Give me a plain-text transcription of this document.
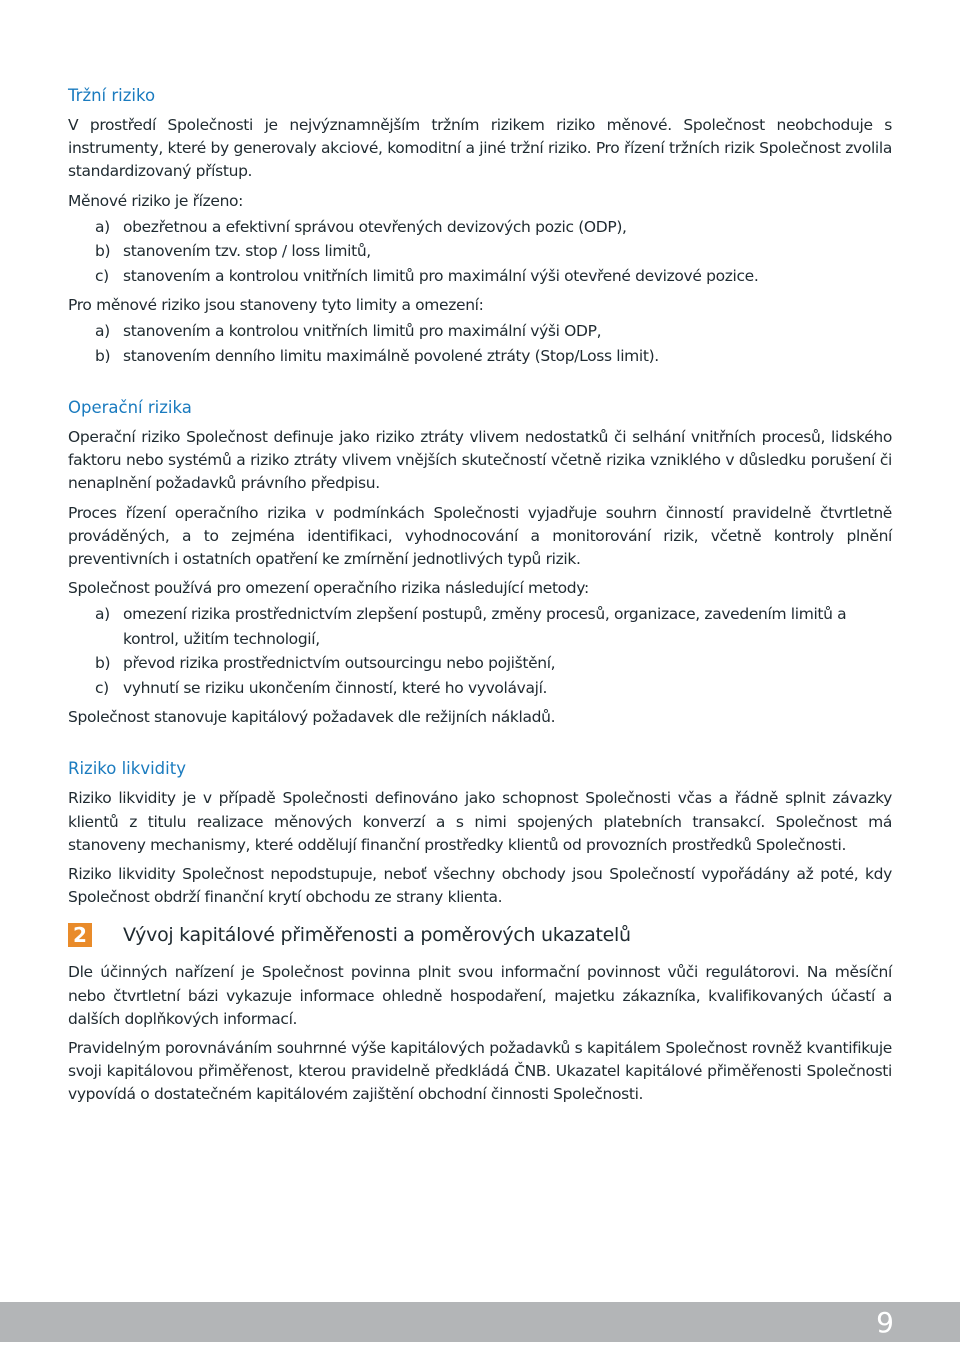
Tržní riziko

V prostředí Společnosti je nejvýznamnějším tržním rizikem riziko měnové. Společnost neobchoduje s instrumenty, které by generovaly akciové, komoditní a jiné tržní riziko. Pro řízení tržních rizik Společnost zvolila standardizovaný přístup.

Měnové riziko je řízeno:

a) obezřetnou a efektivní správou otevřených devizových pozic (ODP),
b) stanovením tzv. stop / loss limitů,
c) stanovením a kontrolou vnitřních limitů pro maximální výši otevřené devizové pozice.

Pro měnové riziko jsou stanoveny tyto limity a omezení:

a) stanovením a kontrolou vnitřních limitů pro maximální výši ODP,
b) stanovením denního limitu maximálně povolené ztráty (Stop/Loss limit).
Operační rizika

Operační riziko Společnost definuje jako riziko ztráty vlivem nedostatků či selhání vnitřních procesů, lidského faktoru nebo systémů a riziko ztráty vlivem vnějších skutečností včetně rizika vzniklého v důsledku porušení či nenaplnění požadavků právního předpisu.

Proces řízení operačního rizika v podmínkách Společnosti vyjadřuje souhrn činností pravidelně čtvrtletně prováděných, a to zejména identifikaci, vyhodnocování a monitorování rizik, včetně kontroly plnění preventivních i ostatních opatření ke zmírnění jednotlivých typů rizik.

Společnost používá pro omezení operačního rizika následující metody:

a) omezení rizika prostřednictvím zlepšení postupů, změny procesů, organizace, zavedením limitů a kontrol, užitím technologií,
b) převod rizika prostřednictvím outsourcingu nebo pojištění,
c) vyhnutí se riziku ukončením činností, které ho vyvolávají.

Společnost stanovuje kapitálový požadavek dle režijních nákladů.

Riziko likvidity

Riziko likvidity je v případě Společnosti definováno jako schopnost Společnosti včas a řádně splnit závazky klientů z titulu realizace měnových konverzí a s nimi spojených platebních transakcí. Společnost má stanoveny mechanismy, které oddělují finanční prostředky klientů od provozních prostředků Společnosti.

Riziko likvidity Společnost nepodstupuje, neboť všechny obchody jsou Společností vypořádány až poté, kdy Společnost obdrží finanční krytí obchodu ze strany klienta.

2 Vývoj kapitálové přiměřenosti a poměrových ukazatelů

Dle účinných nařízení je Společnost povinna plnit svou informační povinnost vůči regulátorovi. Na měsíční nebo čtvrtletní bázi vykazuje informace ohledně hospodaření, majetku zákazníka, kvalifikovaných účastí a dalších doplňkových informací.

Pravidelným porovnáváním souhrnné výše kapitálových požadavků s kapitálem Společnost rovněž kvantifikuje svoji kapitálovou přiměřenost, kterou pravidelně předkládá ČNB. Ukazatel kapitálové přiměřenosti Společnosti vypovídá o dostatečném kapitálovém zajištění obchodní činnosti Společnosti.

9
